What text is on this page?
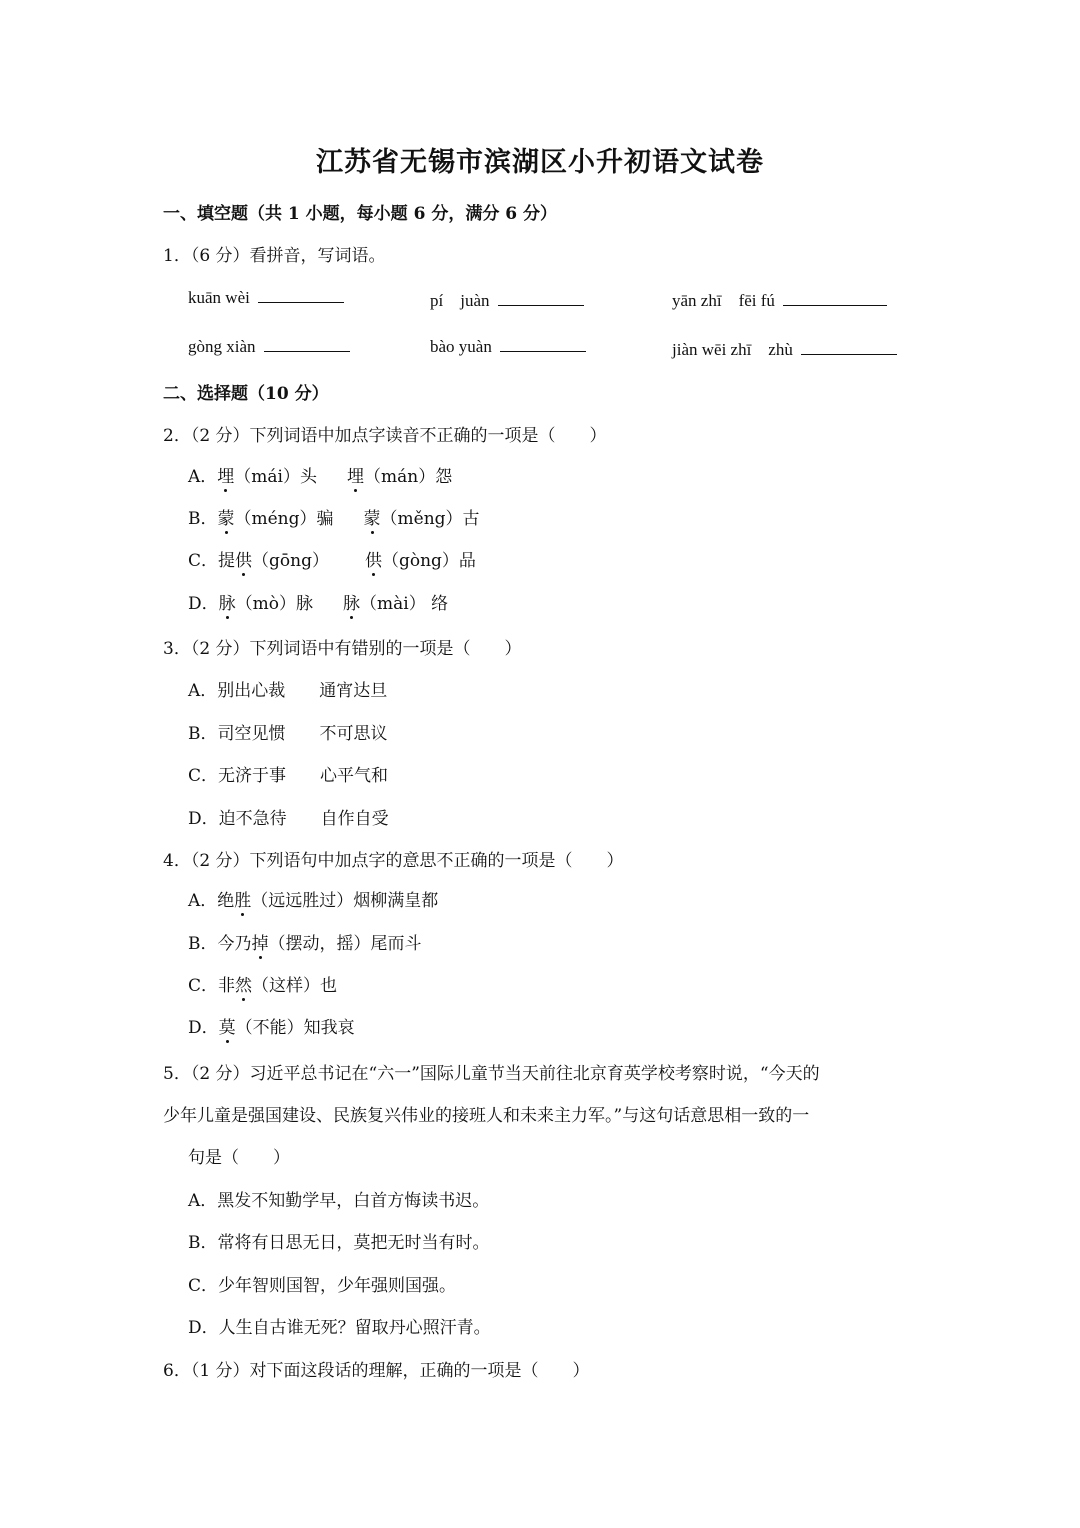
江苏省无锡市滨湖区小升初语文试卷
一、填空题（共 1 小题，每小题 6 分，满分 6 分）
1．（6 分）看拼音，写词语。
kuān wèi	pí　juàn	yān zhī　fēi fú
gòng xiàn	bào yuàn	jiàn wēi zhī　zhù
二、选择题（10 分）
2．（2 分）下列词语中加点字读音不正确的一项是（　　）
A．埋（mái）头 埋（mán）怨
B．蒙（méng）骗 蒙（měng）古
C．提供（gōng） 供（gòng）品
D．脉（mò）脉 脉（mài） 络
3．（2 分）下列词语中有错别的一项是（　　）
A．别出心裁　　通宵达旦
B．司空见惯　　不可思议
C．无济于事　　心平气和
D．迫不急待　　自作自受
4．（2 分）下列语句中加点字的意思不正确的一项是（　　）
A．绝胜（远远胜过）烟柳满皇都
B．今乃掉（摆动，摇）尾而斗
C．非然（这样）也
D．莫（不能）知我哀
5．（2 分）习近平总书记在“六一”国际儿童节当天前往北京育英学校考察时说，“今天的
少年儿童是强国建设、民族复兴伟业的接班人和未来主力军。”与这句话意思相一致的一
句是（　　）
A．黑发不知勤学早，白首方悔读书迟。
B．常将有日思无日，莫把无时当有时。
C．少年智则国智，少年强则国强。
D．人生自古谁无死？留取丹心照汗青。
6．（1 分）对下面这段话的理解，正确的一项是（　　）
